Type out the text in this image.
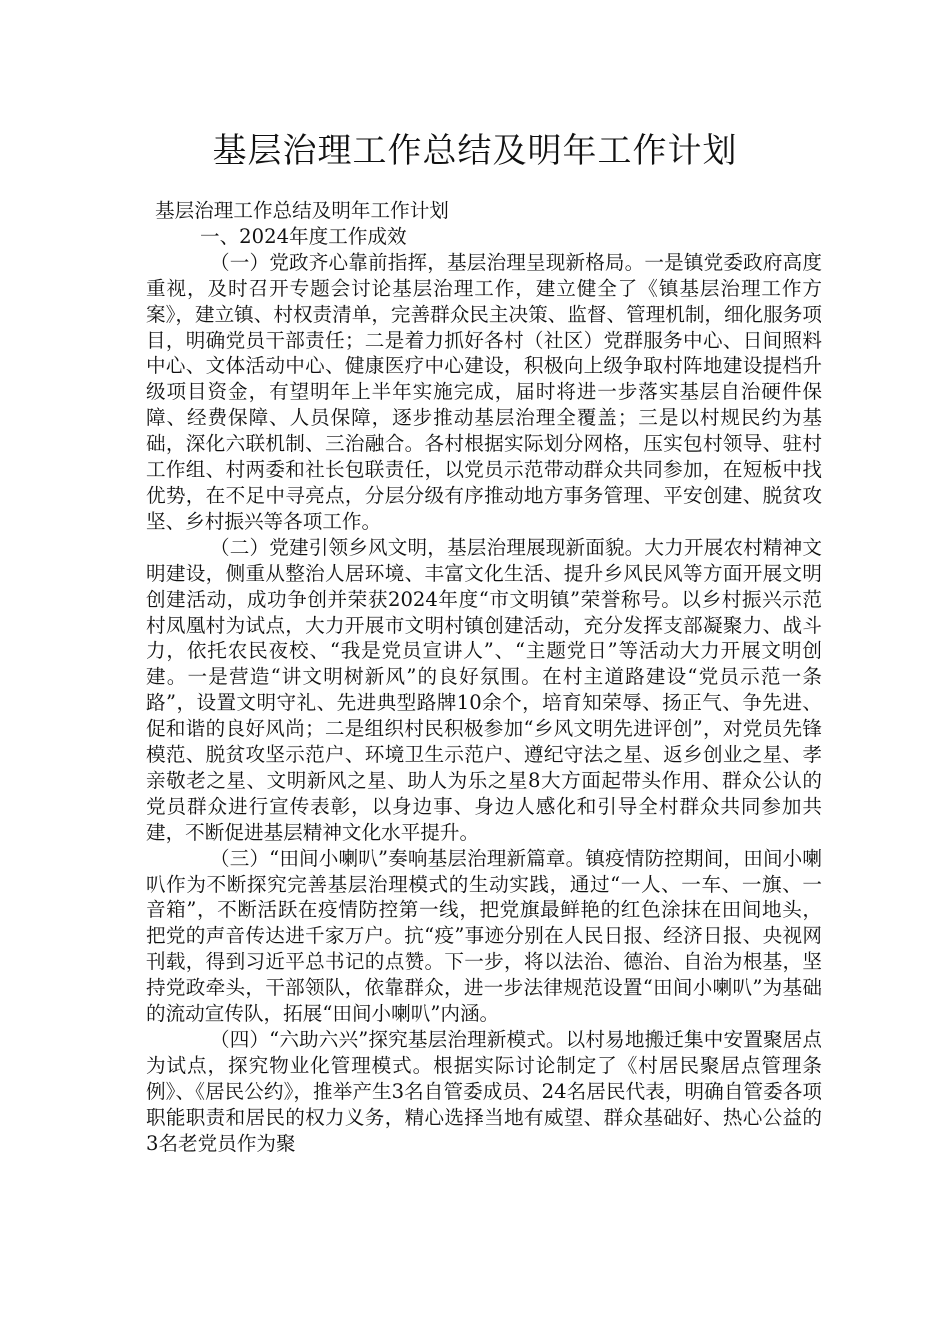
基层治理工作总结及明年工作计划

基层治理工作总结及明年工作计划

一、2024年度工作成效

（一）党政齐心靠前指挥，基层治理呈现新格局。一是镇党委政府高度重视，及时召开专题会讨论基层治理工作，建立健全了《镇基层治理工作方案》，建立镇、村权责清单，完善群众民主决策、监督、管理机制，细化服务项目，明确党员干部责任；二是着力抓好各村（社区）党群服务中心、日间照料中心、文体活动中心、健康医疗中心建设，积极向上级争取村阵地建设提档升级项目资金，有望明年上半年实施完成，届时将进一步落实基层自治硬件保障、经费保障、人员保障，逐步推动基层治理全覆盖；三是以村规民约为基础，深化六联机制、三治融合。各村根据实际划分网格，压实包村领导、驻村工作组、村两委和社长包联责任，以党员示范带动群众共同参加，在短板中找优势，在不足中寻亮点，分层分级有序推动地方事务管理、平安创建、脱贫攻坚、乡村振兴等各项工作。

（二）党建引领乡风文明，基层治理展现新面貌。大力开展农村精神文明建设，侧重从整治人居环境、丰富文化生活、提升乡风民风等方面开展文明创建活动，成功争创并荣获2024年度“市文明镇”荣誉称号。以乡村振兴示范村凤凰村为试点，大力开展市文明村镇创建活动，充分发挥支部凝聚力、战斗力，依托农民夜校、“我是党员宣讲人”、“主题党日”等活动大力开展文明创建。一是营造“讲文明树新风”的良好氛围。在村主道路建设“党员示范一条路”，设置文明守礼、先进典型路牌10余个，培育知荣辱、扬正气、争先进、促和谐的良好风尚；二是组织村民积极参加“乡风文明先进评创”，对党员先锋模范、脱贫攻坚示范户、环境卫生示范户、遵纪守法之星、返乡创业之星、孝亲敬老之星、文明新风之星、助人为乐之星8大方面起带头作用、群众公认的党员群众进行宣传表彰，以身边事、身边人感化和引导全村群众共同参加共建，不断促进基层精神文化水平提升。

（三）“田间小喇叭”奏响基层治理新篇章。镇疫情防控期间，田间小喇叭作为不断探究完善基层治理模式的生动实践，通过“一人、一车、一旗、一音箱”，不断活跃在疫情防控第一线，把党旗最鲜艳的红色涂抹在田间地头，把党的声音传达进千家万户。抗“疫”事迹分别在人民日报、经济日报、央视网刊载，得到习近平总书记的点赞。下一步，将以法治、德治、自治为根基，坚持党政牵头，干部领队，依靠群众，进一步法律规范设置“田间小喇叭”为基础的流动宣传队，拓展“田间小喇叭”内涵。

（四）“六助六兴”探究基层治理新模式。以村易地搬迁集中安置聚居点为试点，探究物业化管理模式。根据实际讨论制定了《村居民聚居点管理条例》、《居民公约》，推举产生3名自管委成员、24名居民代表，明确自管委各项职能职责和居民的权力义务，精心选择当地有威望、群众基础好、热心公益的3名老党员作为聚
